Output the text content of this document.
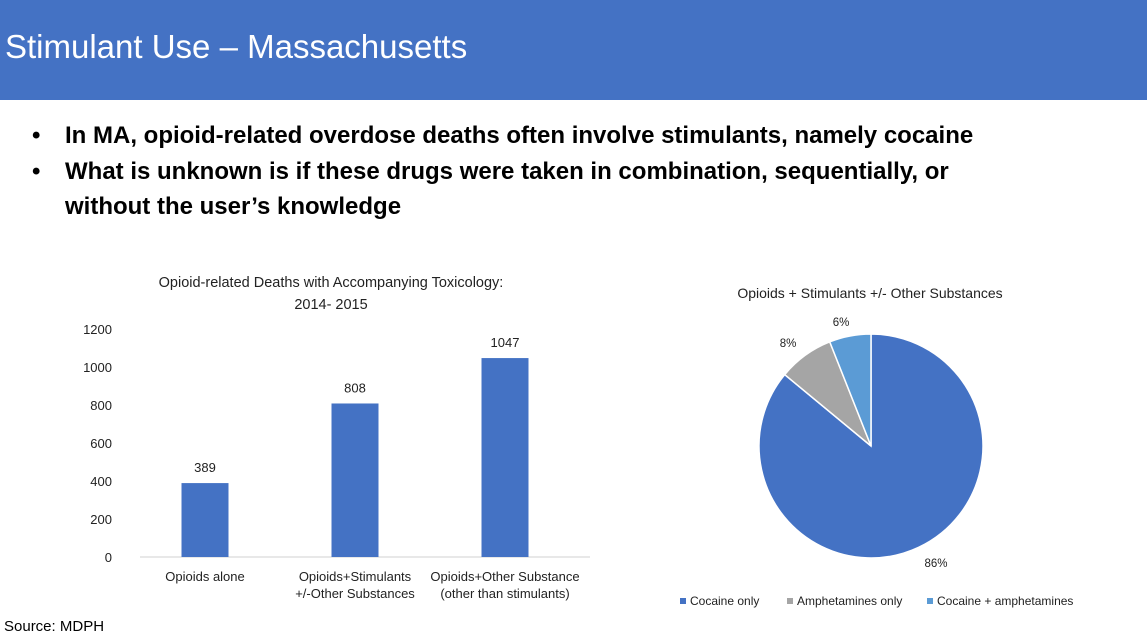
Stimulant Use – Massachusetts
• In MA, opioid-related overdose deaths often involve stimulants, namely cocaine
• What is unknown is if these drugs were taken in combination, sequentially, or without the user’s knowledge
Opioid-related Deaths with Accompanying Toxicology:
2014- 2015
0
200
400
600
800
1000
1200
389
Opioids alone
808
Opioids+Stimulants
+/-Other Substances
1047
Opioids+Other Substance
(other than stimulants)
Opioids + Stimulants +/- Other Substances
86%
8%
6%
Cocaine only	Amphetamines only	Cocaine + amphetamines
Source: MDPH
